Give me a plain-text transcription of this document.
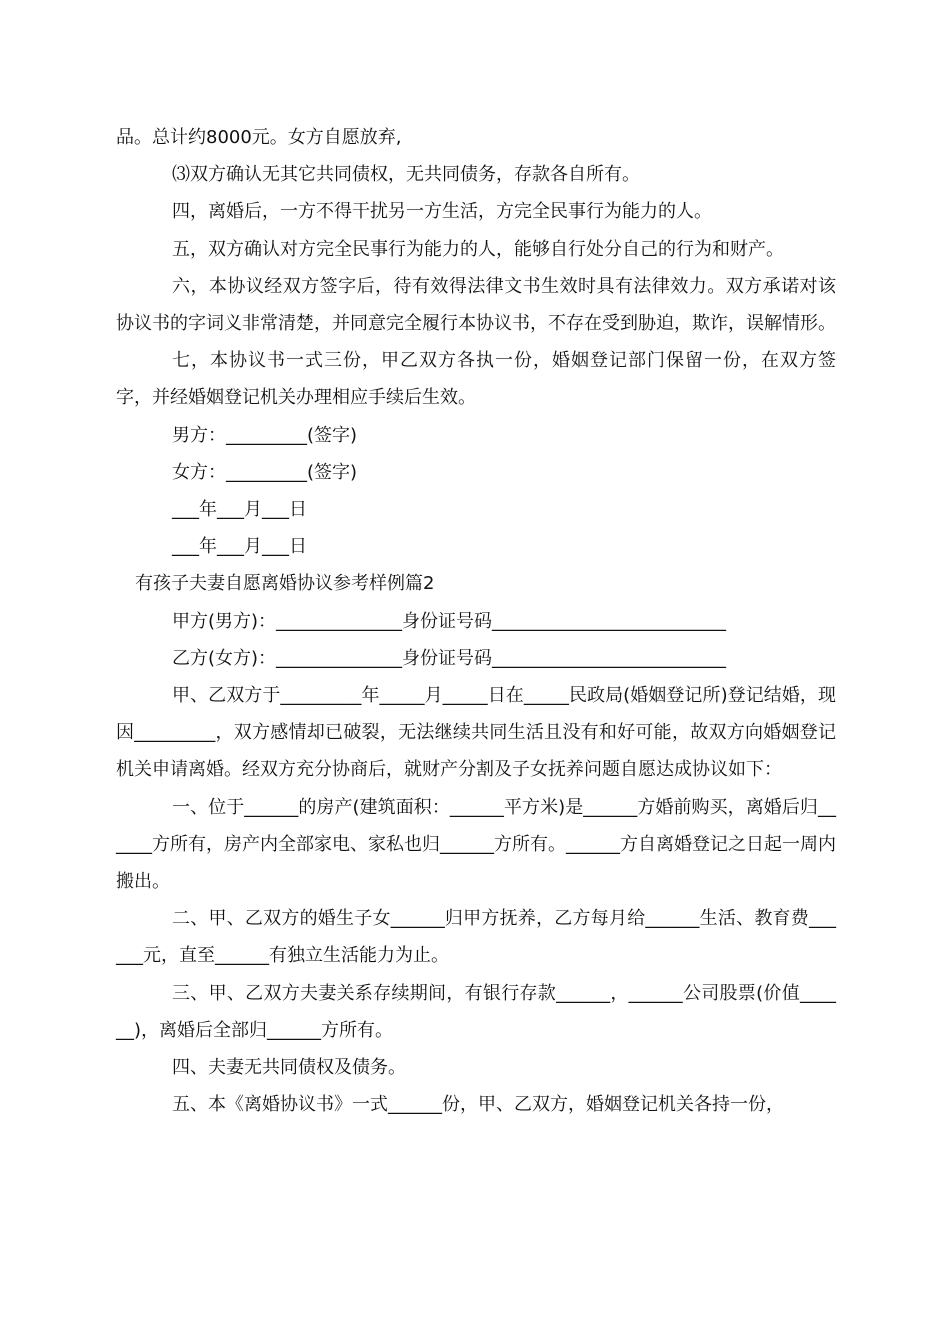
品。总计约8000元。女方自愿放弃,

⑶双方确认无其它共同债权，无共同债务，存款各自所有。

四，离婚后，一方不得干扰另一方生活，方完全民事行为能力的人。

五，双方确认对方完全民事行为能力的人，能够自行处分自己的行为和财产。

六，本协议经双方签字后，待有效得法律文书生效时具有法律效力。双方承诺对该协议书的字词义非常清楚，并同意完全履行本协议书，不存在受到胁迫，欺诈，误解情形。

七，本协议书一式三份，甲乙双方各执一份，婚姻登记部门保留一份，在双方签字，并经婚姻登记机关办理相应手续后生效。

男方：_________(签字)

女方：_________(签字)

___年___月___日

___年___月___日

有孩子夫妻自愿离婚协议参考样例篇2

甲方(男方)：______________身份证号码__________________________

乙方(女方)：______________身份证号码__________________________

甲、乙双方于_________年_____月_____日在_____民政局(婚姻登记所)登记结婚，现因_________，双方感情却已破裂，无法继续共同生活且没有和好可能，故双方向婚姻登记机关申请离婚。经双方充分协商后，就财产分割及子女抚养问题自愿达成协议如下：

一、位于______的房产(建筑面积：______平方米)是______方婚前购买，离婚后归______方所有，房产内全部家电、家私也归______方所有。______方自离婚登记之日起一周内搬出。

二、甲、乙双方的婚生子女______归甲方抚养，乙方每月给______生活、教育费______元，直至______有独立生活能力为止。

三、甲、乙双方夫妻关系存续期间，有银行存款______，______公司股票(价值______)，离婚后全部归______方所有。

四、夫妻无共同债权及债务。

五、本《离婚协议书》一式______份，甲、乙双方，婚姻登记机关各持一份，
